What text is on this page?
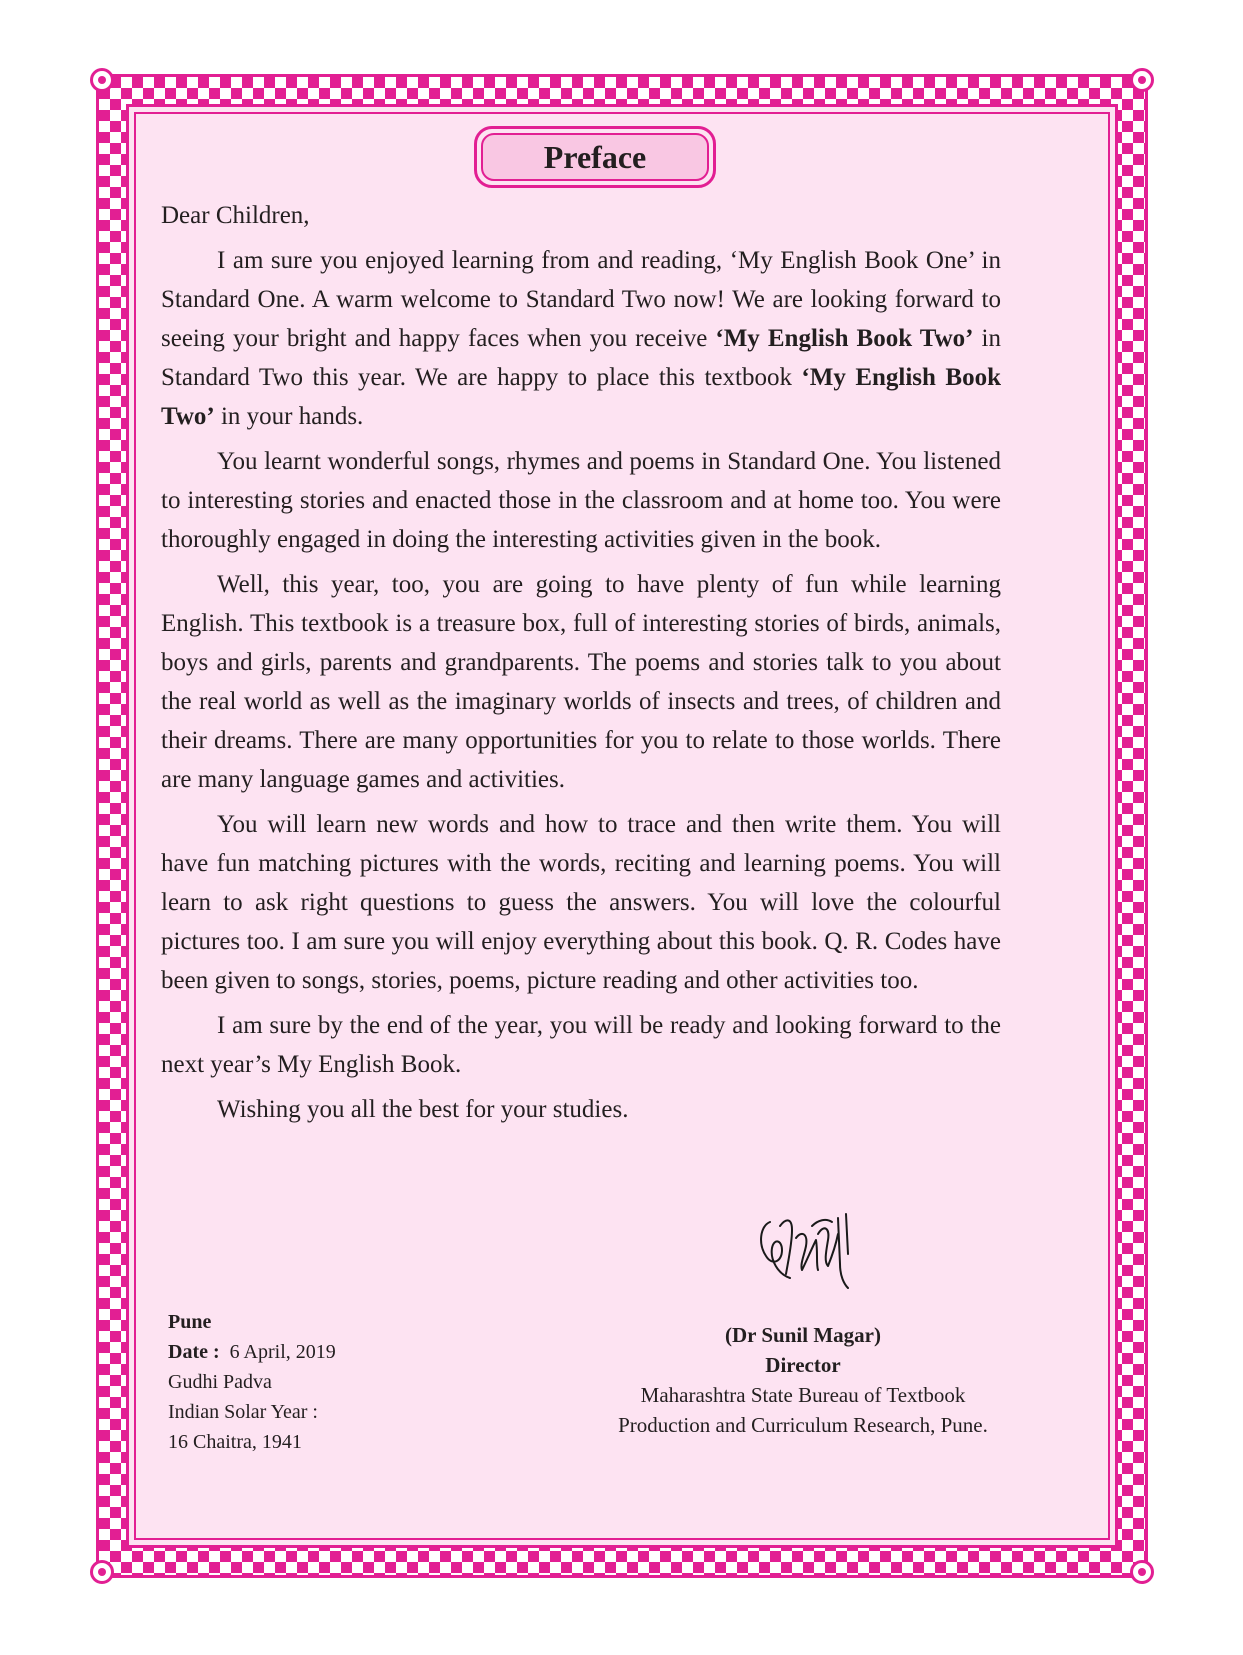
Preface

Dear Children,

I am sure you enjoyed learning from and reading, ‘My English Book One’ in Standard One. A warm welcome to Standard Two now! We are looking forward to seeing your bright and happy faces when you receive ‘My English Book Two’ in Standard Two this year. We are happy to place this textbook ‘My English Book Two’ in your hands.

You learnt wonderful songs, rhymes and poems in Standard One. You listened to interesting stories and enacted those in the classroom and at home too. You were thoroughly engaged in doing the interesting activities given in the book.

Well, this year, too, you are going to have plenty of fun while learning English. This textbook is a treasure box, full of interesting stories of birds, animals, boys and girls, parents and grandparents. The poems and stories talk to you about the real world as well as the imaginary worlds of insects and trees, of children and their dreams. There are many opportunities for you to relate to those worlds. There are many language games and activities.

You will learn new words and how to trace and then write them. You will have fun matching pictures with the words, reciting and learning poems. You will learn to ask right questions to guess the answers. You will love the colourful pictures too. I am sure you will enjoy everything about this book. Q. R. Codes have been given to songs, stories, poems, picture reading and other activities too.

I am sure by the end of the year, you will be ready and looking forward to the next year’s My English Book.

Wishing you all the best for your studies.

Pune
Date : 6 April, 2019
Gudhi Padva
Indian Solar Year :
16 Chaitra, 1941
(Dr Sunil Magar)
Director
Maharashtra State Bureau of Textbook
Production and Curriculum Research, Pune.
